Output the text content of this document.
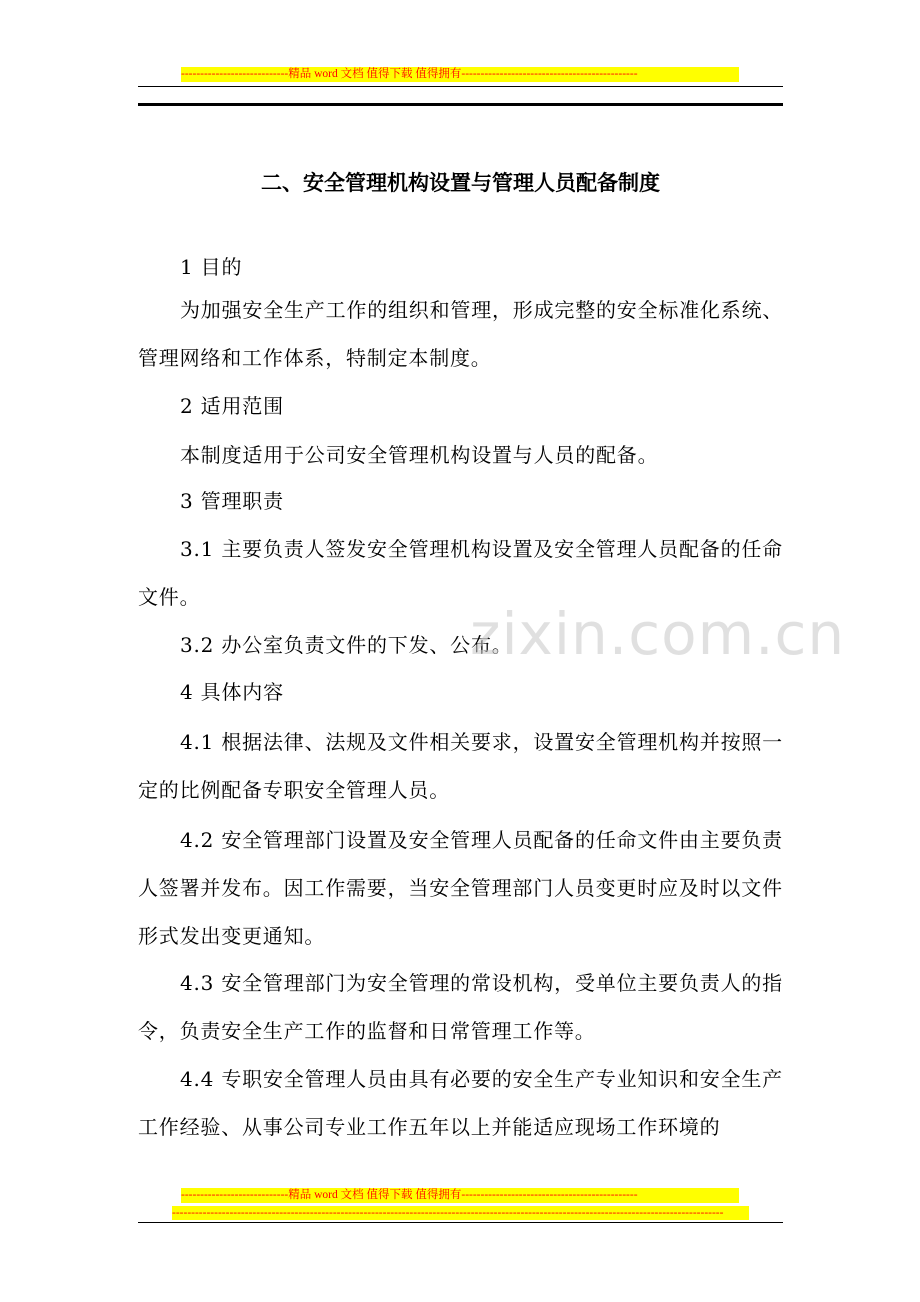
----------------------------精品 word 文档 值得下载 值得拥有----------------------------------------------
二、安全管理机构设置与管理人员配备制度

1 目的

为加强安全生产工作的组织和管理，形成完整的安全标准化系统、管理网络和工作体系，特制定本制度。

2 适用范围

本制度适用于公司安全管理机构设置与人员的配备。

3 管理职责

3.1 主要负责人签发安全管理机构设置及安全管理人员配备的任命文件。

3.2 办公室负责文件的下发、公布。

4 具体内容

4.1 根据法律、法规及文件相关要求，设置安全管理机构并按照一定的比例配备专职安全管理人员。

4.2 安全管理部门设置及安全管理人员配备的任命文件由主要负责人签署并发布。因工作需要，当安全管理部门人员变更时应及时以文件形式发出变更通知。

4.3 安全管理部门为安全管理的常设机构，受单位主要负责人的指令，负责安全生产工作的监督和日常管理工作等。

4.4 专职安全管理人员由具有必要的安全生产专业知识和安全生产工作经验、从事公司专业工作五年以上并能适应现场工作环境的

zixin.com.cn
----------------------------精品 word 文档 值得下载 值得拥有----------------------------------------------
------------------------------------------------------------------------------------------------------------------------------------------------
